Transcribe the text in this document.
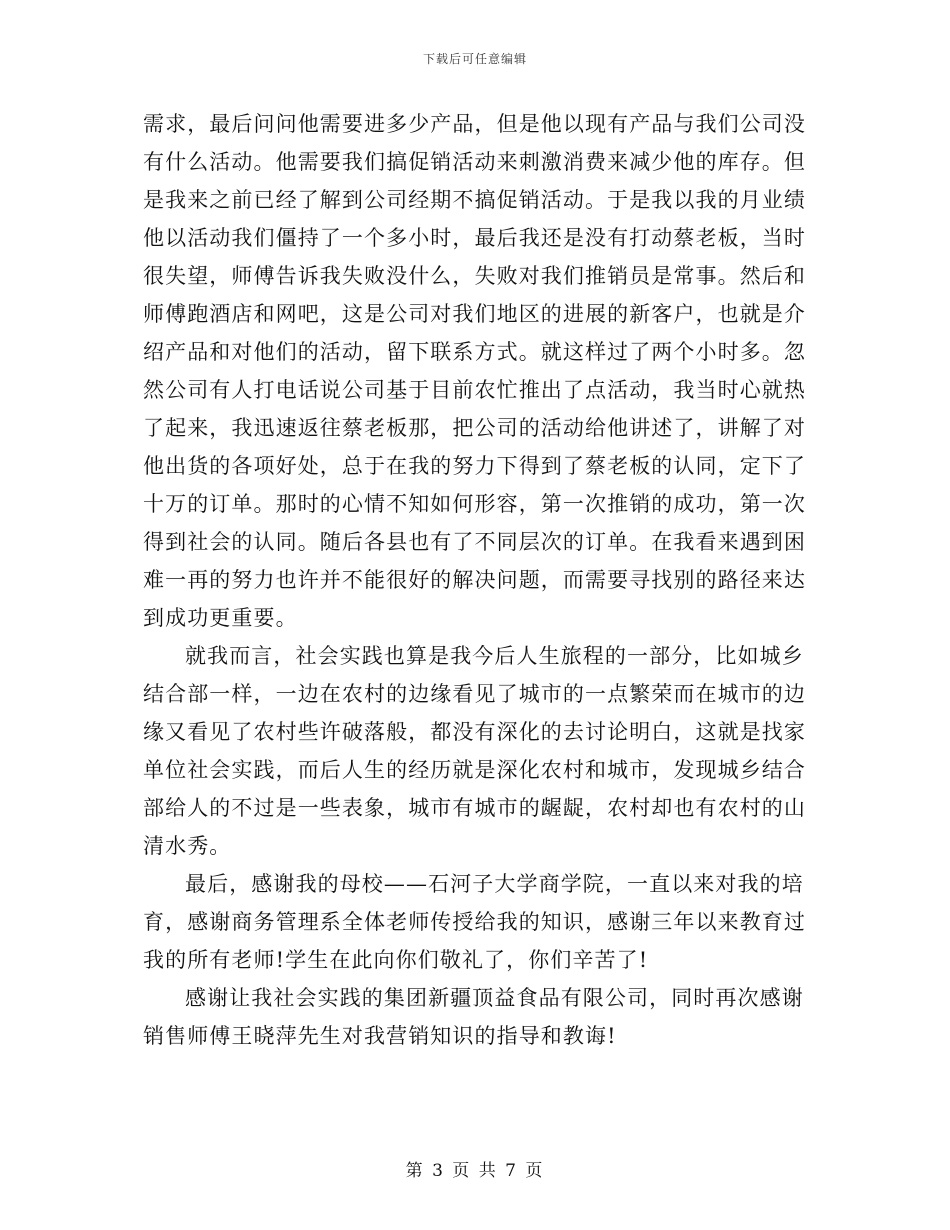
下载后可任意编辑
需求，最后问问他需要进多少产品，但是他以现有产品与我们公司没
有什么活动。他需要我们搞促销活动来刺激消费来减少他的库存。但
是我来之前已经了解到公司经期不搞促销活动。于是我以我的月业绩
他以活动我们僵持了一个多小时，最后我还是没有打动蔡老板，当时
很失望，师傅告诉我失败没什么，失败对我们推销员是常事。然后和
师傅跑酒店和网吧，这是公司对我们地区的进展的新客户，也就是介
绍产品和对他们的活动，留下联系方式。就这样过了两个小时多。忽
然公司有人打电话说公司基于目前农忙推出了点活动，我当时心就热
了起来，我迅速返往蔡老板那，把公司的活动给他讲述了，讲解了对
他出货的各项好处，总于在我的努力下得到了蔡老板的认同，定下了
十万的订单。那时的心情不知如何形容，第一次推销的成功，第一次
得到社会的认同。随后各县也有了不同层次的订单。在我看来遇到困
难一再的努力也许并不能很好的解决问题，而需要寻找别的路径来达
到成功更重要。
就我而言，社会实践也算是我今后人生旅程的一部分，比如城乡
结合部一样，一边在农村的边缘看见了城市的一点繁荣而在城市的边
缘又看见了农村些许破落般，都没有深化的去讨论明白，这就是找家
单位社会实践，而后人生的经历就是深化农村和城市，发现城乡结合
部给人的不过是一些表象，城市有城市的龌龊，农村却也有农村的山
清水秀。
最后，感谢我的母校——石河子大学商学院，一直以来对我的培
育，感谢商务管理系全体老师传授给我的知识，感谢三年以来教育过
我的所有老师!学生在此向你们敬礼了，你们辛苦了!
感谢让我社会实践的集团新疆顶益食品有限公司，同时再次感谢
销售师傅王晓萍先生对我营销知识的指导和教诲!
第 3 页 共 7 页
